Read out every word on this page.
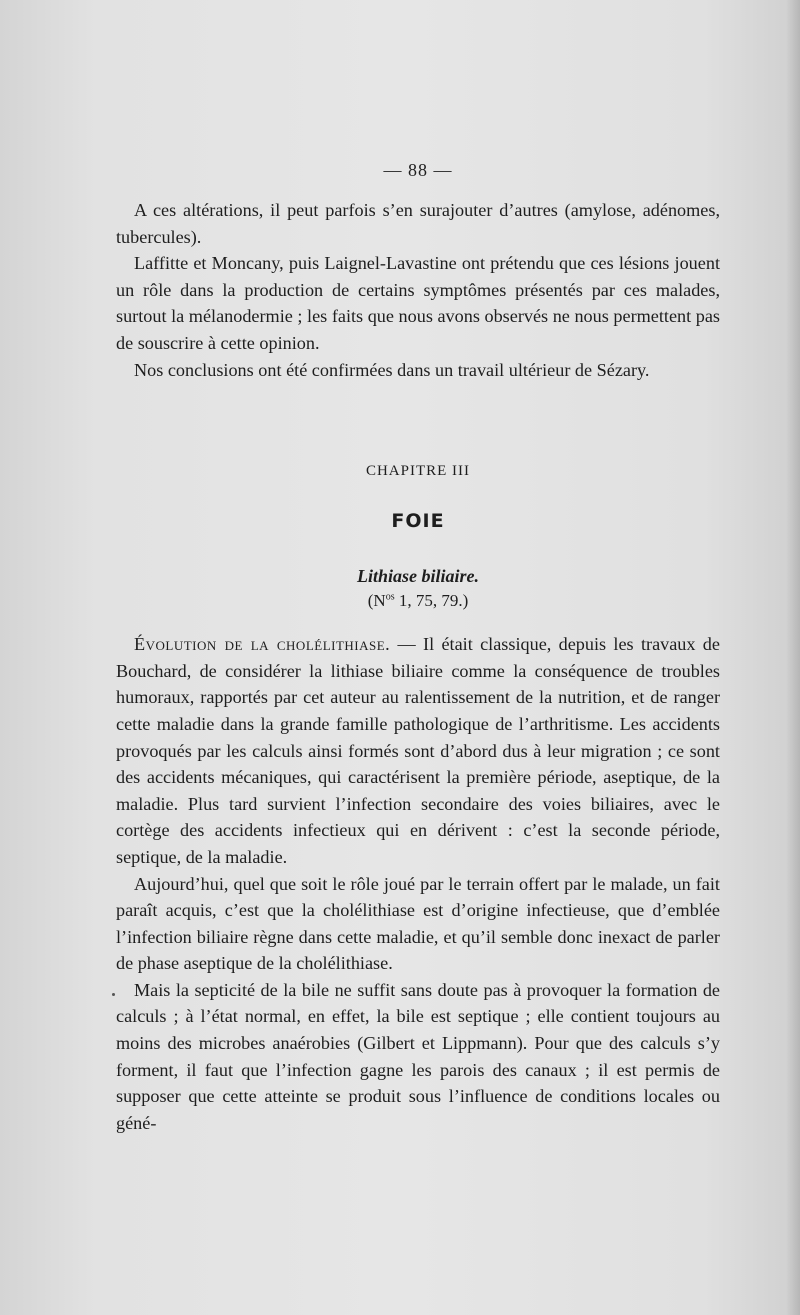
— 88 —

A ces altérations, il peut parfois s’en surajouter d’autres (amylose, adénomes, tubercules).

Laffitte et Moncany, puis Laignel-Lavastine ont prétendu que ces lésions jouent un rôle dans la production de certains symptômes présentés par ces malades, surtout la mélanodermie ; les faits que nous avons observés ne nous permettent pas de souscrire à cette opinion.

Nos conclusions ont été confirmées dans un travail ultérieur de Sézary.

CHAPITRE III
FOIE
Lithiase biliaire.
($N^{os}$ 1, 75, 79.)

Évolution de la cholélithiase. — Il était classique, depuis les travaux de Bouchard, de considérer la lithiase biliaire comme la conséquence de troubles humoraux, rapportés par cet auteur au ralentissement de la nutrition, et de ranger cette maladie dans la grande famille pathologique de l’arthritisme. Les accidents provoqués par les calculs ainsi formés sont d’abord dus à leur migration ; ce sont des accidents mécaniques, qui caractérisent la première période, aseptique, de la maladie. Plus tard survient l’infection secondaire des voies biliaires, avec le cortège des accidents infectieux qui en dérivent : c’est la seconde période, septique, de la maladie.

Aujourd’hui, quel que soit le rôle joué par le terrain offert par le malade, un fait paraît acquis, c’est que la cholélithiase est d’origine infectieuse, que d’emblée l’infection biliaire règne dans cette maladie, et qu’il semble donc inexact de parler de phase aseptique de la cholélithiase.

Mais la septicité de la bile ne suffit sans doute pas à provoquer la formation de calculs ; à l’état normal, en effet, la bile est septique ; elle contient toujours au moins des microbes anaérobies (Gilbert et Lippmann). Pour que des calculs s’y forment, il faut que l’infection gagne les parois des canaux ; il est permis de supposer que cette atteinte se produit sous l’influence de conditions locales ou géné-
